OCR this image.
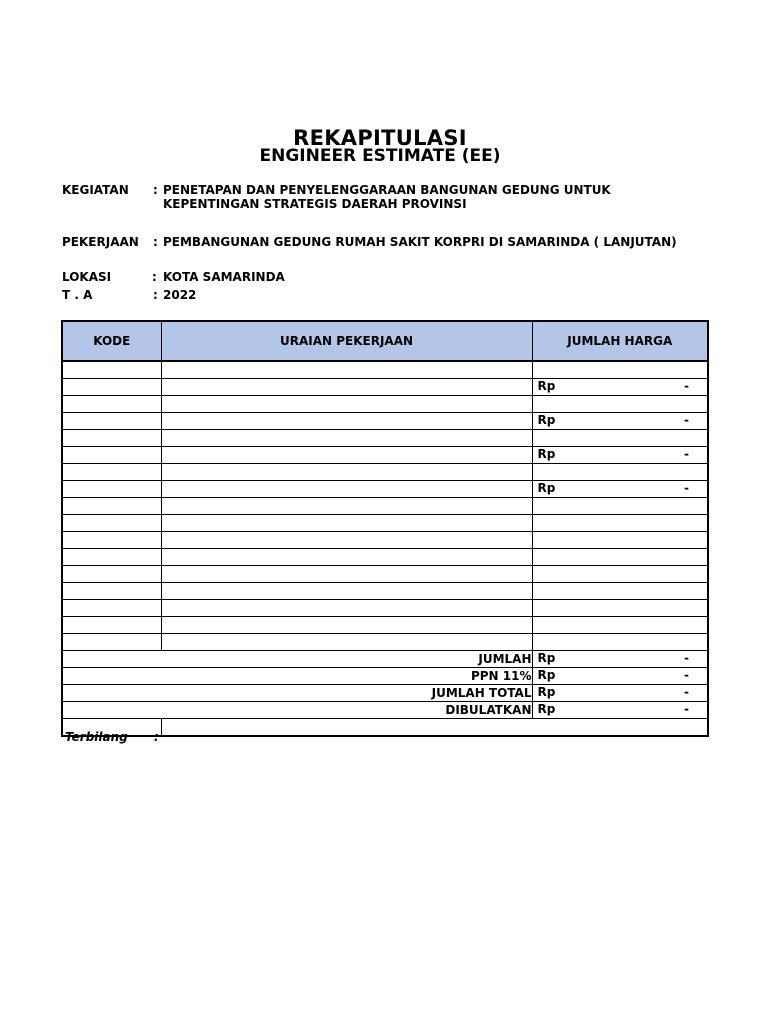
REKAPITULASI
ENGINEER ESTIMATE (EE)
KEGIATAN : PENETAPAN DAN PENYELENGGARAAN BANGUNAN GEDUNG UNTUK
KEPENTINGAN STRATEGIS DAERAH PROVINSI
PEKERJAAN : PEMBANGUNAN GEDUNG RUMAH SAKIT KORPRI DI SAMARINDA ( LANJUTAN)
LOKASI	: KOTA SAMARINDA
T . A	: 2022
KODE	URAIAN PEKERJAAN	JUMLAH HARGA

		Rp -

		Rp -

		Rp -

		Rp -

JUMLAH		Rp -

PPN 11%		Rp -

JUMLAH TOTAL		Rp -

DIBULATKAN		Rp -

Terbilang :		
